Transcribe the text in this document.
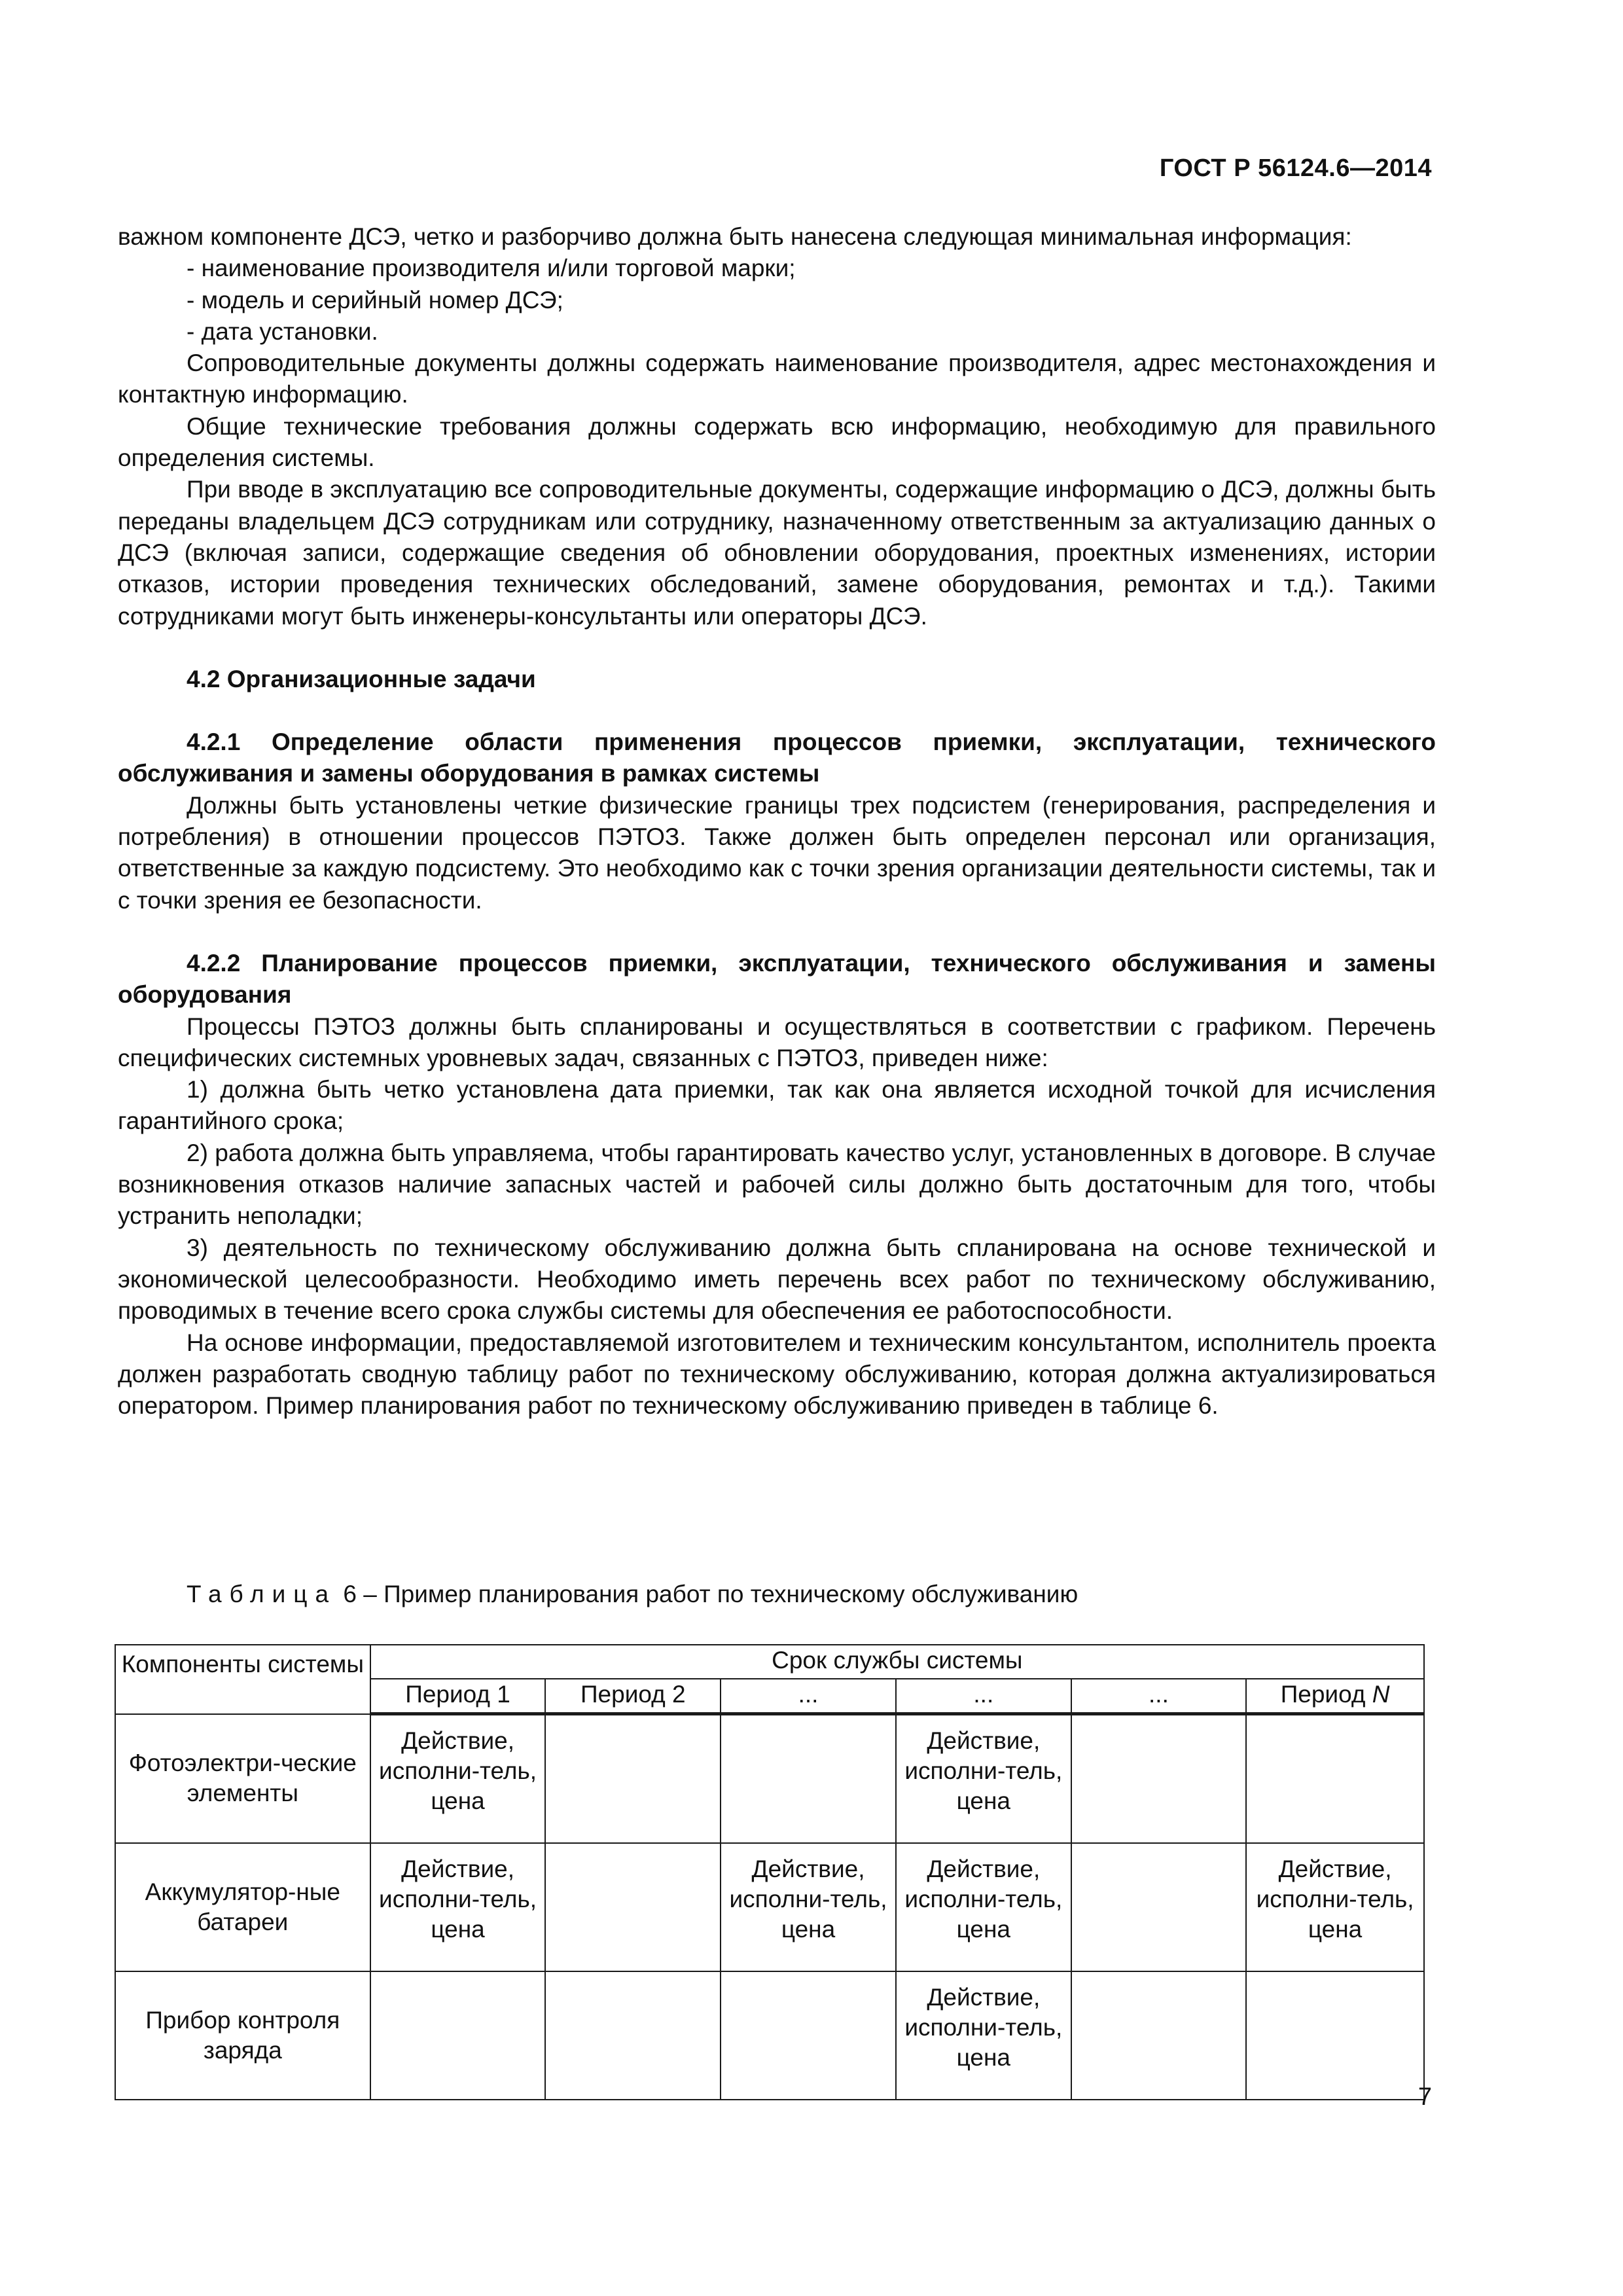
ГОСТ Р 56124.6—2014

важном компоненте ДСЭ, четко и разборчиво должна быть нанесена следующая минимальная информация:

- наименование производителя и/или торговой марки;

- модель и серийный номер ДСЭ;

- дата установки.

Сопроводительные документы должны содержать наименование производителя, адрес местонахождения и контактную информацию.

Общие технические требования должны содержать всю информацию, необходимую для правильного определения системы.

При вводе в эксплуатацию все сопроводительные документы, содержащие информацию о ДСЭ, должны быть переданы владельцем ДСЭ сотрудникам или сотруднику, назначенному ответственным за актуализацию данных о ДСЭ (включая записи, содержащие сведения об обновлении оборудования, проектных изменениях, истории отказов, истории проведения технических обследований, замене оборудования, ремонтах и т.д.). Такими сотрудниками могут быть инженеры-консультанты или операторы ДСЭ.

4.2 Организационные задачи

4.2.1 Определение области применения процессов приемки, эксплуатации, технического обслуживания и замены оборудования в рамках системы

Должны быть установлены четкие физические границы трех подсистем (генерирования, распределения и потребления) в отношении процессов ПЭТОЗ. Также должен быть определен персонал или организация, ответственные за каждую подсистему. Это необходимо как с точки зрения организации деятельности системы, так и с точки зрения ее безопасности.

4.2.2 Планирование процессов приемки, эксплуатации, технического обслуживания и замены оборудования

Процессы ПЭТОЗ должны быть спланированы и осуществляться в соответствии с графиком. Перечень специфических системных уровневых задач, связанных с ПЭТОЗ, приведен ниже:

1) должна быть четко установлена дата приемки, так как она является исходной точкой для исчисления гарантийного срока;

2) работа должна быть управляема, чтобы гарантировать качество услуг, установленных в договоре. В случае возникновения отказов наличие запасных частей и рабочей силы должно быть достаточным для того, чтобы устранить неполадки;

3) деятельность по техническому обслуживанию должна быть спланирована на основе технической и экономической целесообразности. Необходимо иметь перечень всех работ по техническому обслуживанию, проводимых в течение всего срока службы системы для обеспечения ее работоспособности.

На основе информации, предоставляемой изготовителем и техническим консультантом, исполнитель проекта должен разработать сводную таблицу работ по техническому обслуживанию, которая должна актуализироваться оператором. Пример планирования работ по техническому обслуживанию приведен в таблице 6.

Таблица 6 – Пример планирования работ по техническому обслуживанию
Компоненты системы	Срок службы системы					
	Период 1	Период 2	...	...	...	Период N
Фотоэлектри-ческие элементы	Действие, исполни-тель, цена			Действие, исполни-тель, цена		
Аккумулятор-ные батареи	Действие, исполни-тель, цена		Действие, исполни-тель, цена	Действие, исполни-тель, цена		Действие, исполни-тель, цена
Прибор контроля заряда				Действие, исполни-тель, цена		
7
